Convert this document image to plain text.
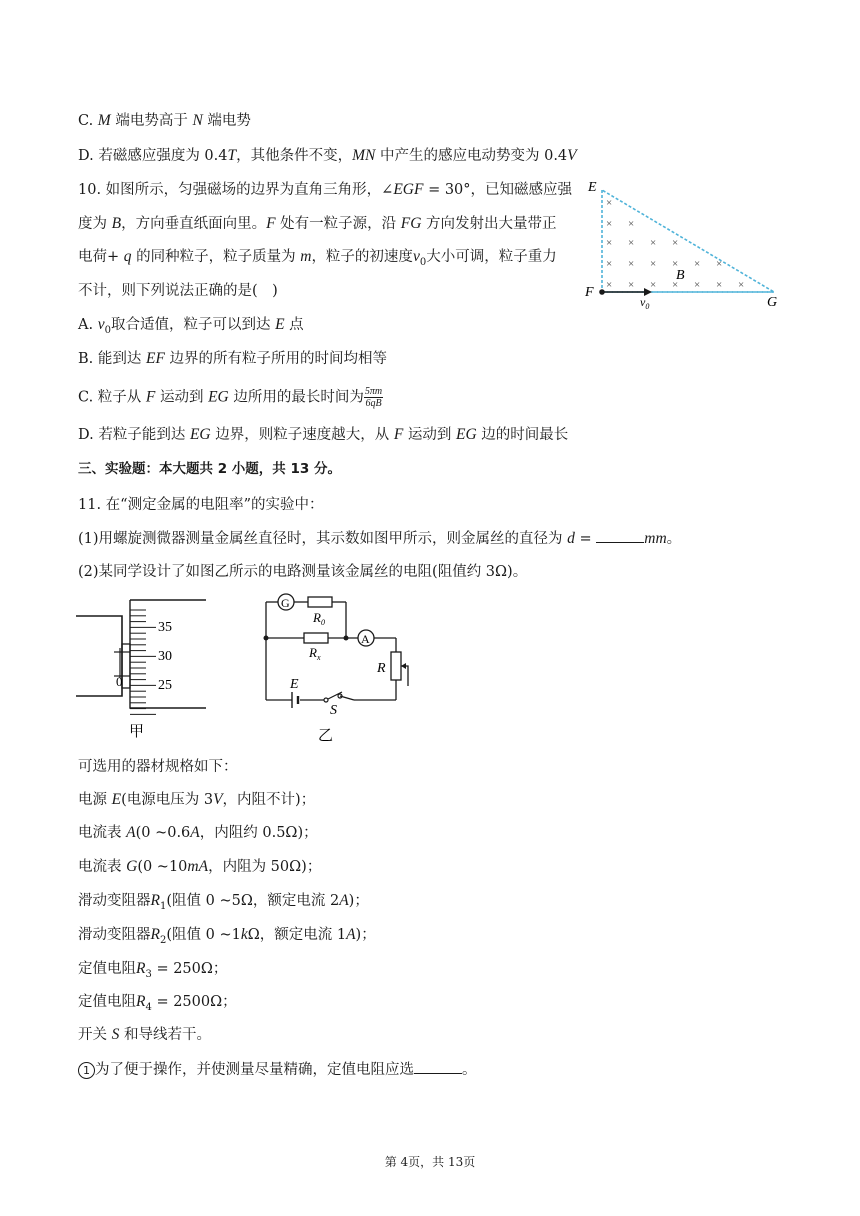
C. M 端电势高于 N 端电势
D. 若磁感应强度为 0.4T，其他条件不变，MN 中产生的感应电动势变为 0.4V
10. 如图所示，匀强磁场的边界为直角三角形，∠EGF = 30°，已知磁感应强
度为 B，方向垂直纸面向里。F 处有一粒子源，沿 FG 方向发射出大量带正
电荷+ q 的同种粒子，粒子质量为 m，粒子的初速度$v_0$大小可调，粒子重力
不计，则下列说法正确的是(　)
E
F
G
B
×
× ×
× × × ×
× × × × × ×
× × × × × × ×
$v_0$
A. $v_0$取合适值，粒子可以到达 E 点
B. 能到达 EF 边界的所有粒子所用的时间均相等
C. 粒子从 F 运动到 EG 边所用的最长时间为 $\frac{5\pi m}{6qB}$
D. 若粒子能到达 EG 边界，则粒子速度越大，从 F 运动到 EG 边的时间最长
三、实验题：本大题共 2 小题，共 13 分。
11. 在“测定金属的电阻率”的实验中：
(1)用螺旋测微器测量金属丝直径时，其示数如图甲所示，则金属丝的直径为 d =	mm。
(2)某同学设计了如图乙所示的电路测量该金属丝的电阻(阻值约 3Ω)。
0
35
30
25
甲
G
A
$R_0$
$R_x$
R
E
S
乙
可选用的器材规格如下：
电源 E(电源电压为 3V，内阻不计)；
电流表 A(0 ~0.6A，内阻约 0.5Ω)；
电流表 G(0 ~10mA，内阻为 50Ω)；
滑动变阻器$R_1$(阻值 0 ~5Ω，额定电流 2A)；
滑动变阻器$R_2$(阻值 0 ~1kΩ，额定电流 1A)；
定值电阻$R_3 = 250\Omega$；
定值电阻$R_4 = 2500\Omega$；
开关 S 和导线若干。
1 为了便于操作，并使测量尽量精确，定值电阻应选	。
第 4页，共 13页
